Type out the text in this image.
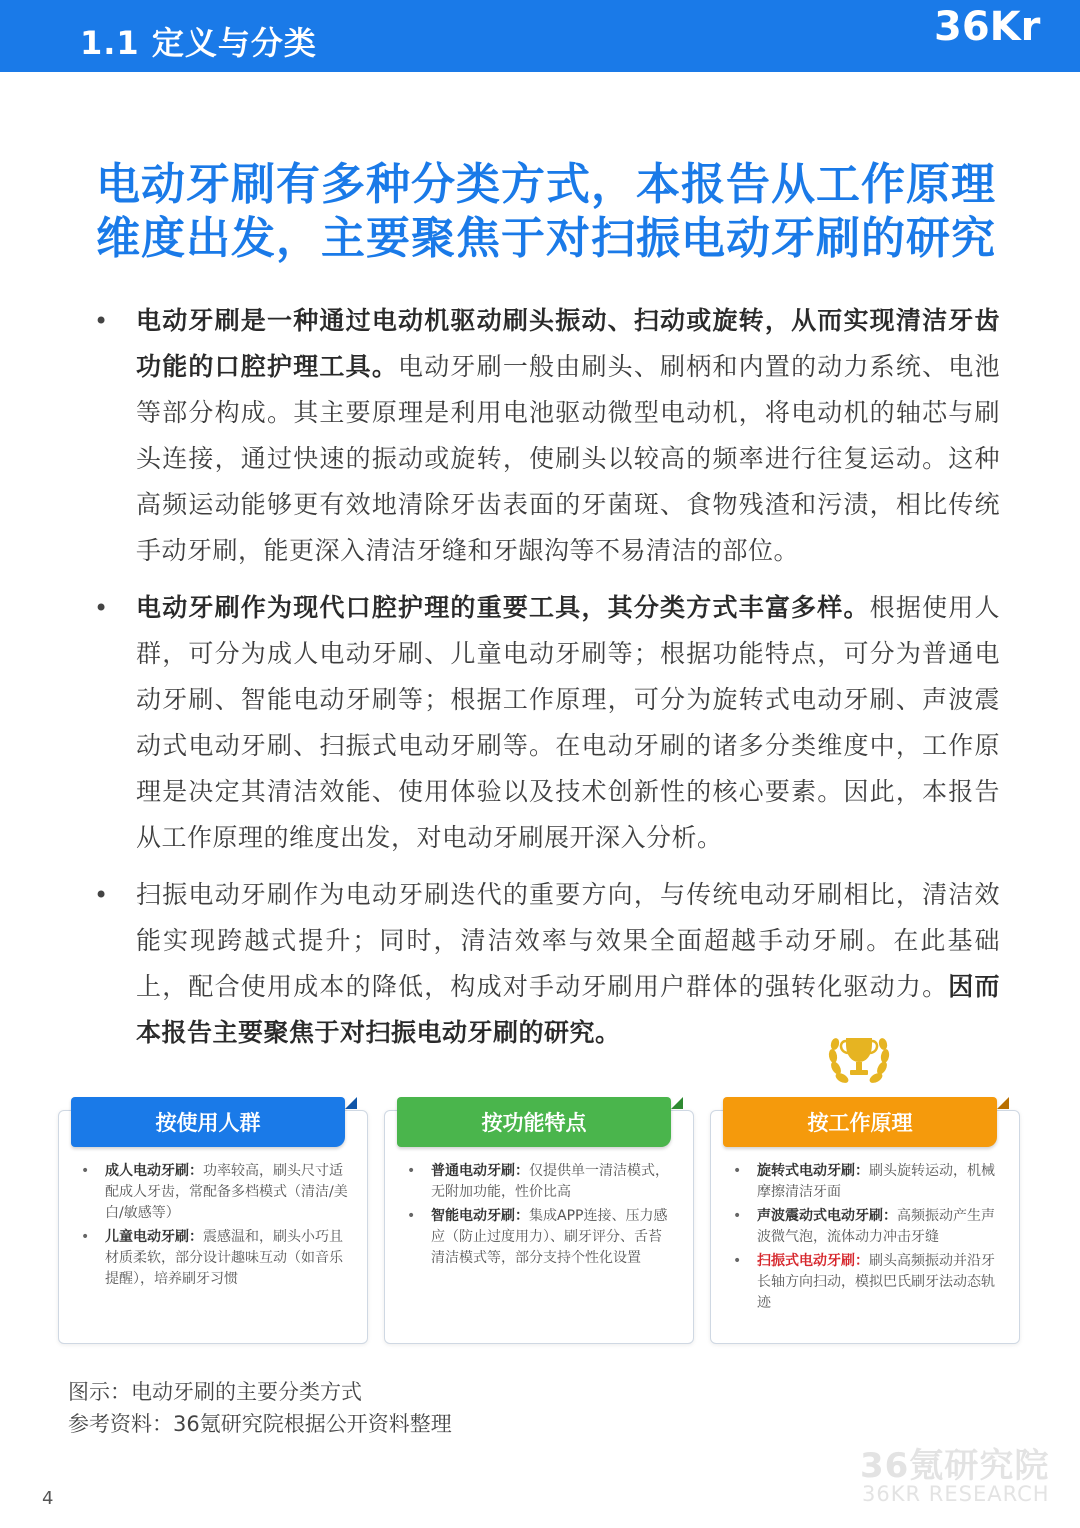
1.1 定义与分类	36Kr
电动牙刷有多种分类方式，本报告从工作原理
维度出发，主要聚焦于对扫振电动牙刷的研究
• 电动牙刷是一种通过电动机驱动刷头振动、扫动或旋转，从而实现清洁牙齿功能的口腔护理工具。电动牙刷一般由刷头、刷柄和内置的动力系统、电池等部分构成。其主要原理是利用电池驱动微型电动机，将电动机的轴芯与刷头连接，通过快速的振动或旋转，使刷头以较高的频率进行往复运动。这种高频运动能够更有效地清除牙齿表面的牙菌斑、食物残渣和污渍，相比传统手动牙刷，能更深入清洁牙缝和牙龈沟等不易清洁的部位。

• 电动牙刷作为现代口腔护理的重要工具，其分类方式丰富多样。根据使用人群，可分为成人电动牙刷、儿童电动牙刷等；根据功能特点，可分为普通电动牙刷、智能电动牙刷等；根据工作原理，可分为旋转式电动牙刷、声波震动式电动牙刷、扫振式电动牙刷等。在电动牙刷的诸多分类维度中，工作原理是决定其清洁效能、使用体验以及技术创新性的核心要素。因此，本报告从工作原理的维度出发，对电动牙刷展开深入分析。

• 扫振电动牙刷作为电动牙刷迭代的重要方向，与传统电动牙刷相比，清洁效能实现跨越式提升；同时，清洁效率与效果全面超越手动牙刷。在此基础上，配合使用成本的降低，构成对手动牙刷用户群体的强转化驱动力。因而本报告主要聚焦于对扫振电动牙刷的研究。

按使用人群
• 成人电动牙刷：功率较高，刷头尺寸适配成人牙齿，常配备多档模式（清洁/美白/敏感等）
• 儿童电动牙刷：震感温和，刷头小巧且材质柔软，部分设计趣味互动（如音乐提醒），培养刷牙习惯
按功能特点
• 普通电动牙刷：仅提供单一清洁模式，无附加功能，性价比高
• 智能电动牙刷：集成APP连接、压力感应（防止过度用力）、刷牙评分、舌苔清洁模式等，部分支持个性化设置
按工作原理
• 旋转式电动牙刷：刷头旋转运动，机械摩擦清洁牙面
• 声波震动式电动牙刷：高频振动产生声波微气泡，流体动力冲击牙缝
• 扫振式电动牙刷：刷头高频振动并沿牙长轴方向扫动，模拟巴氏刷牙法动态轨迹
图示：电动牙刷的主要分类方式
参考资料：36氪研究院根据公开资料整理
4
36氪研究院
36KR RESEARCH
